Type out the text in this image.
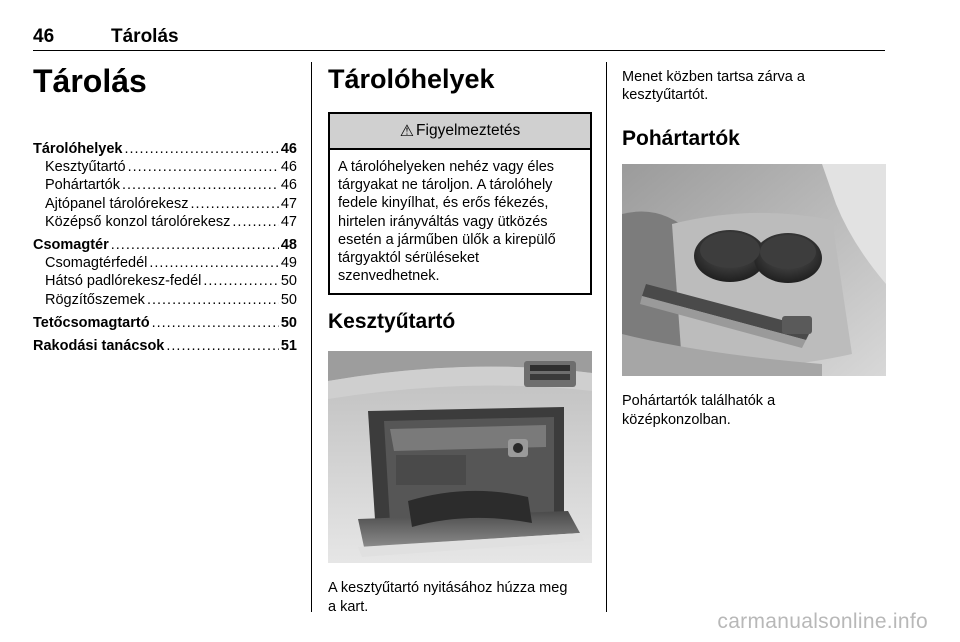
46	Tárolás
Tárolás
Tárolóhelyek .....	46
Kesztyűtartó .....	46
Pohártartók .....	46
Ajtópanel tárolórekesz .....	47
Középső konzol tárolórekesz .....	47
Csomagtér .....	48
Csomagtérfedél .....	49
Hátsó padlórekesz-fedél .....	50
Rögzítőszemek .....	50
Tetőcsomagtartó .....	50
Rakodási tanácsok .....	51
Tárolóhelyek
⚠ Figyelmeztetés
A tárolóhelyeken nehéz vagy éles
tárgyakat ne tároljon. A tárolóhely
fedele kinyílhat, és erős fékezés,
hirtelen irányváltás vagy ütközés
esetén a járműben ülők a kirepülő
tárgyaktól sérüléseket
szenvedhetnek.
Kesztyűtartó
A kesztyűtartó nyitásához húzza meg
a kart.
Menet közben tartsa zárva a
kesztyűtartót.
Pohártartók
Pohártartók találhatók a
középkonzolban.
carmanualsonline.info
